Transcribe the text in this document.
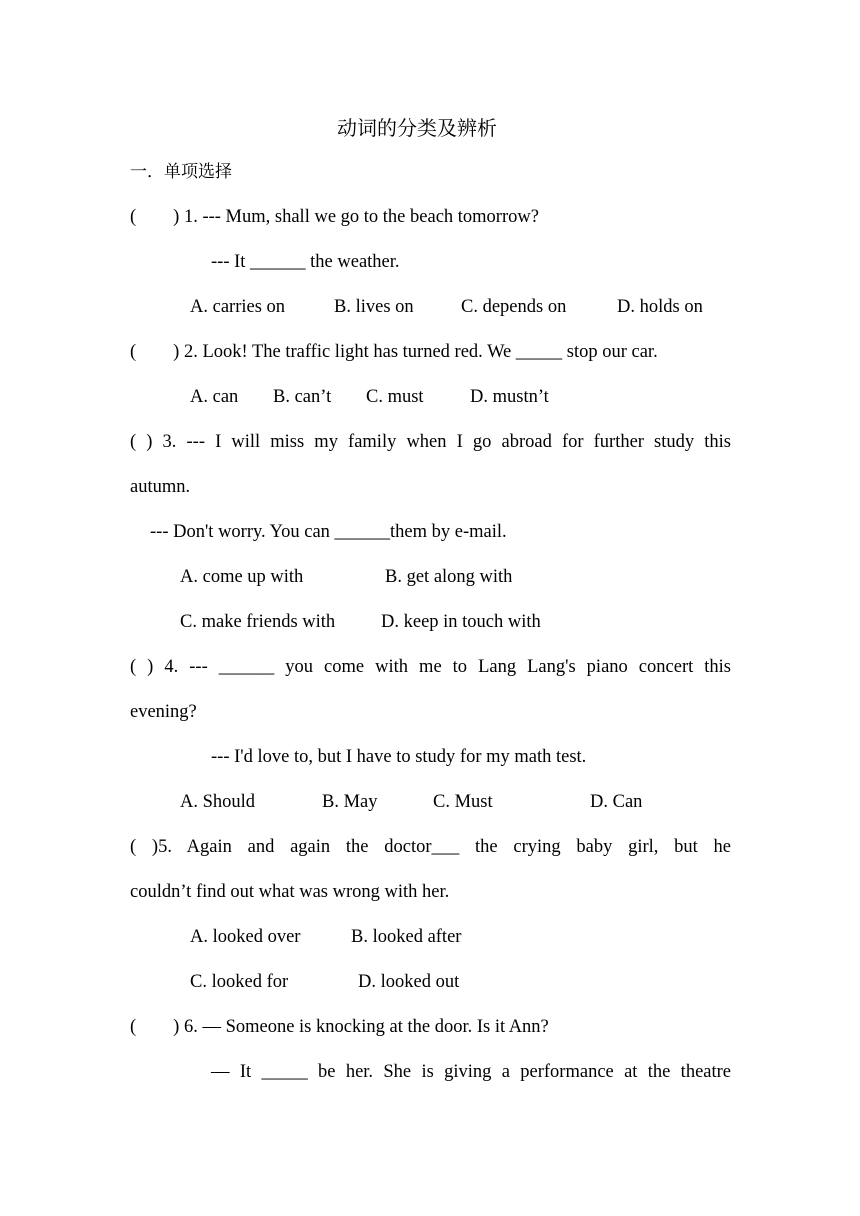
动词的分类及辨析
一．单项选择
(        ) 1. --- Mum, shall we go to the beach tomorrow?
--- It ______ the weather.
A. carries on	B. lives on	C. depends on	D. holds on
(        ) 2. Look! The traffic light has turned red. We _____ stop our car.
A. can B. can’t C. must	D. mustn’t
( ) 3. --- I will miss my family when I go abroad for further study this
autumn.
--- Don't worry. You can ______them by e-mail.
A. come up with	B. get along with
C. make friends with D. keep in touch with
( ) 4. --- ______ you come with me to Lang Lang's piano concert this
evening?
--- I'd love to, but I have to study for my math test.
A. Should	B. May	C. Must	D. Can
( )5. Again and again the doctor___ the crying baby girl, but he
couldn’t find out what was wrong with her.
A. looked over	B. looked after
C. looked for	D. looked out
(        ) 6. — Someone is knocking at the door. Is it Ann?
— It _____ be her. She is giving a performance at the theatre
